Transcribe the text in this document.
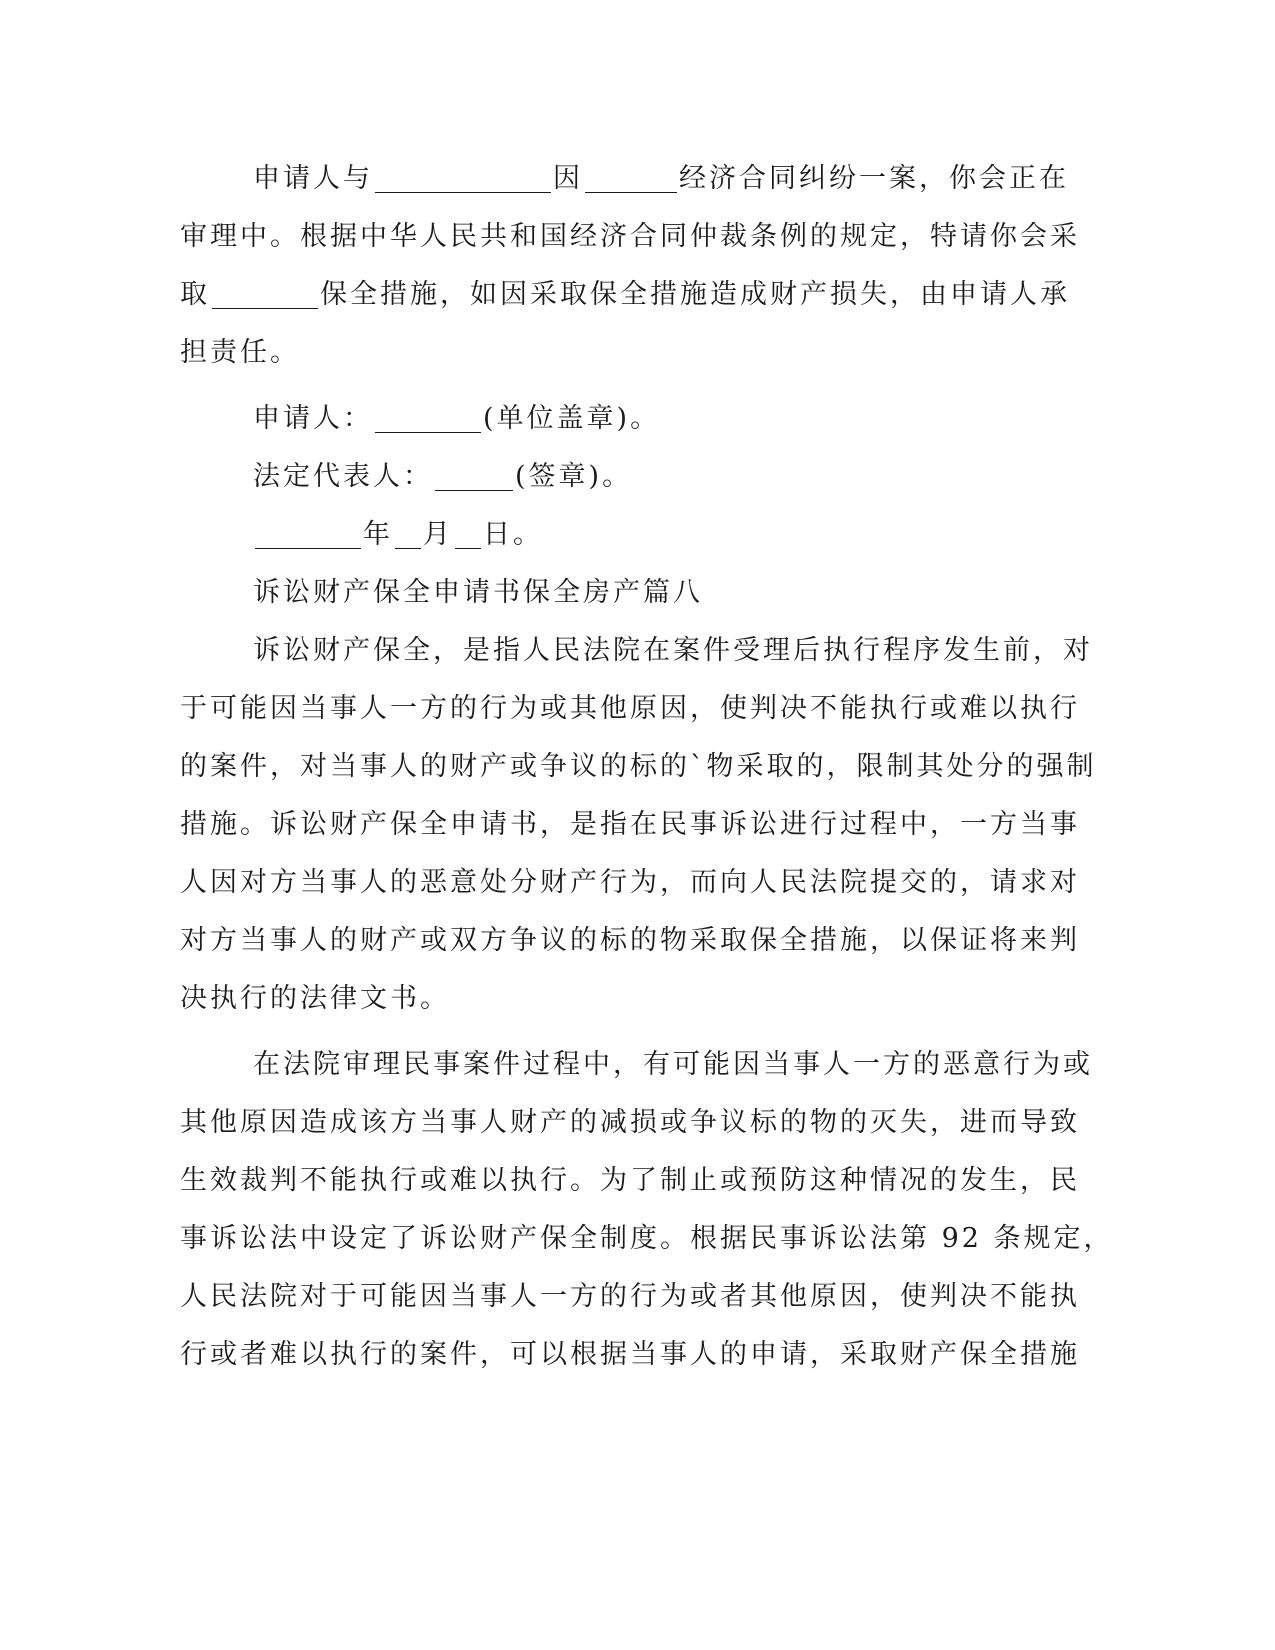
申请人与	因	经济合同纠纷一案，你会正在
审理中。根据中华人民共和国经济合同仲裁条例的规定，特请你会采
取	保全措施，如因采取保全措施造成财产损失，由申请人承
担责任。
申请人：	(单位盖章)。
法定代表人：	(签章)。
年 月 日。
诉讼财产保全申请书保全房产篇八
诉讼财产保全，是指人民法院在案件受理后执行程序发生前，对
于可能因当事人一方的行为或其他原因，使判决不能执行或难以执行
的案件，对当事人的财产或争议的标的`物采取的，限制其处分的强制
措施。诉讼财产保全申请书，是指在民事诉讼进行过程中，一方当事
人因对方当事人的恶意处分财产行为，而向人民法院提交的，请求对
对方当事人的财产或双方争议的标的物采取保全措施，以保证将来判
决执行的法律文书。
在法院审理民事案件过程中，有可能因当事人一方的恶意行为或
其他原因造成该方当事人财产的减损或争议标的物的灭失，进而导致
生效裁判不能执行或难以执行。为了制止或预防这种情况的发生，民
事诉讼法中设定了诉讼财产保全制度。根据民事诉讼法第 92 条规定，
人民法院对于可能因当事人一方的行为或者其他原因，使判决不能执
行或者难以执行的案件，可以根据当事人的申请，采取财产保全措施
